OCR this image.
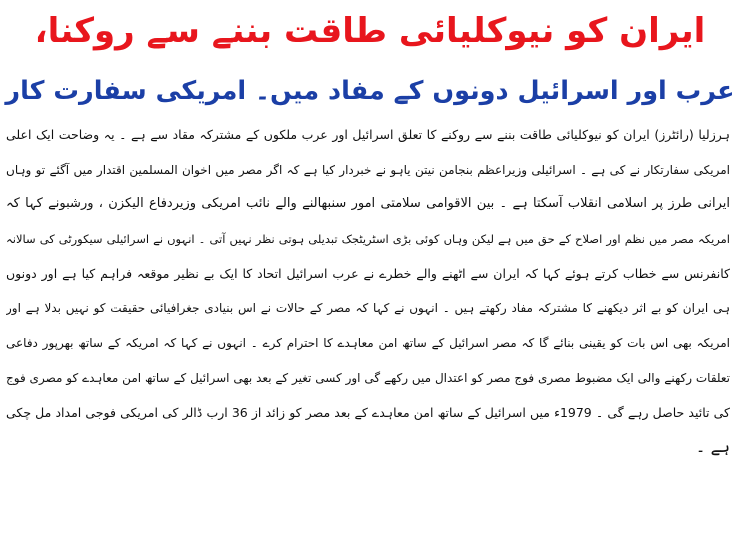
ایران کو نیوکلیائی طاقت بننے سے روکنا،
عرب اور اسرائیل دونوں کے مفاد میں۔ امریکی سفارت کار
ہرزلیا (رائٹرز) ایران کو نیوکلیائی طاقت بننے سے روکنے کا تعلق اسرائیل اور عرب ملکوں کے مشترکہ مقاد سے ہے ۔ یہ وضاحت ایک اعلی
امریکی سفارتکار نے کی ہے ۔ اسرائیلی وزیراعظم بنجامن نیتن یاہو نے خبردار کیا ہے کہ اگر مصر میں اخوان المسلمین اقتدار میں آگئے تو وہاں
ایرانی طرز پر اسلامی انقلاب آسکتا ہے ۔ بین الاقوامی سلامتی امور سنبھالنے والے نائب امریکی وزیردفاع الیکزن ، ورشبونے کہا کہ
امریکہ مصر میں نظم اور اصلاح کے حق میں ہے لیکن وہاں کوئی بڑی اسٹریٹجک تبدیلی ہوتی نظر نہیں آتی ۔ انہوں نے اسرائیلی سیکورٹی کی سالانہ
کانفرنس سے خطاب کرتے ہوئے کہا کہ ایران سے اٹھنے والے خطرے نے عرب اسرائیل اتحاد کا ایک بے نظیر موقعہ فراہم کیا ہے اور دونوں
ہی ایران کو بے اثر دیکھنے کا مشترکہ مفاد رکھتے ہیں ۔ انہوں نے کہا کہ مصر کے حالات نے اس بنیادی جغرافیائی حقیقت کو نہیں بدلا ہے اور
امریکہ بھی اس بات کو یقینی بنائے گا کہ مصر اسرائیل کے ساتھ امن معاہدے کا احترام کرے ۔ انہوں نے کہا کہ امریکہ کے ساتھ بھرپور دفاعی
تعلقات رکھنے والی ایک مضبوط مصری فوج مصر کو اعتدال میں رکھے گی اور کسی تغیر کے بعد بھی اسرائیل کے ساتھ امن معاہدے کو مصری فوج
کی تائید حاصل رہے گی ۔ 1979ء میں اسرائیل کے ساتھ امن معاہدے کے بعد مصر کو زائد از 36 ارب ڈالر کی امریکی فوجی امداد مل چکی
ہے ۔
